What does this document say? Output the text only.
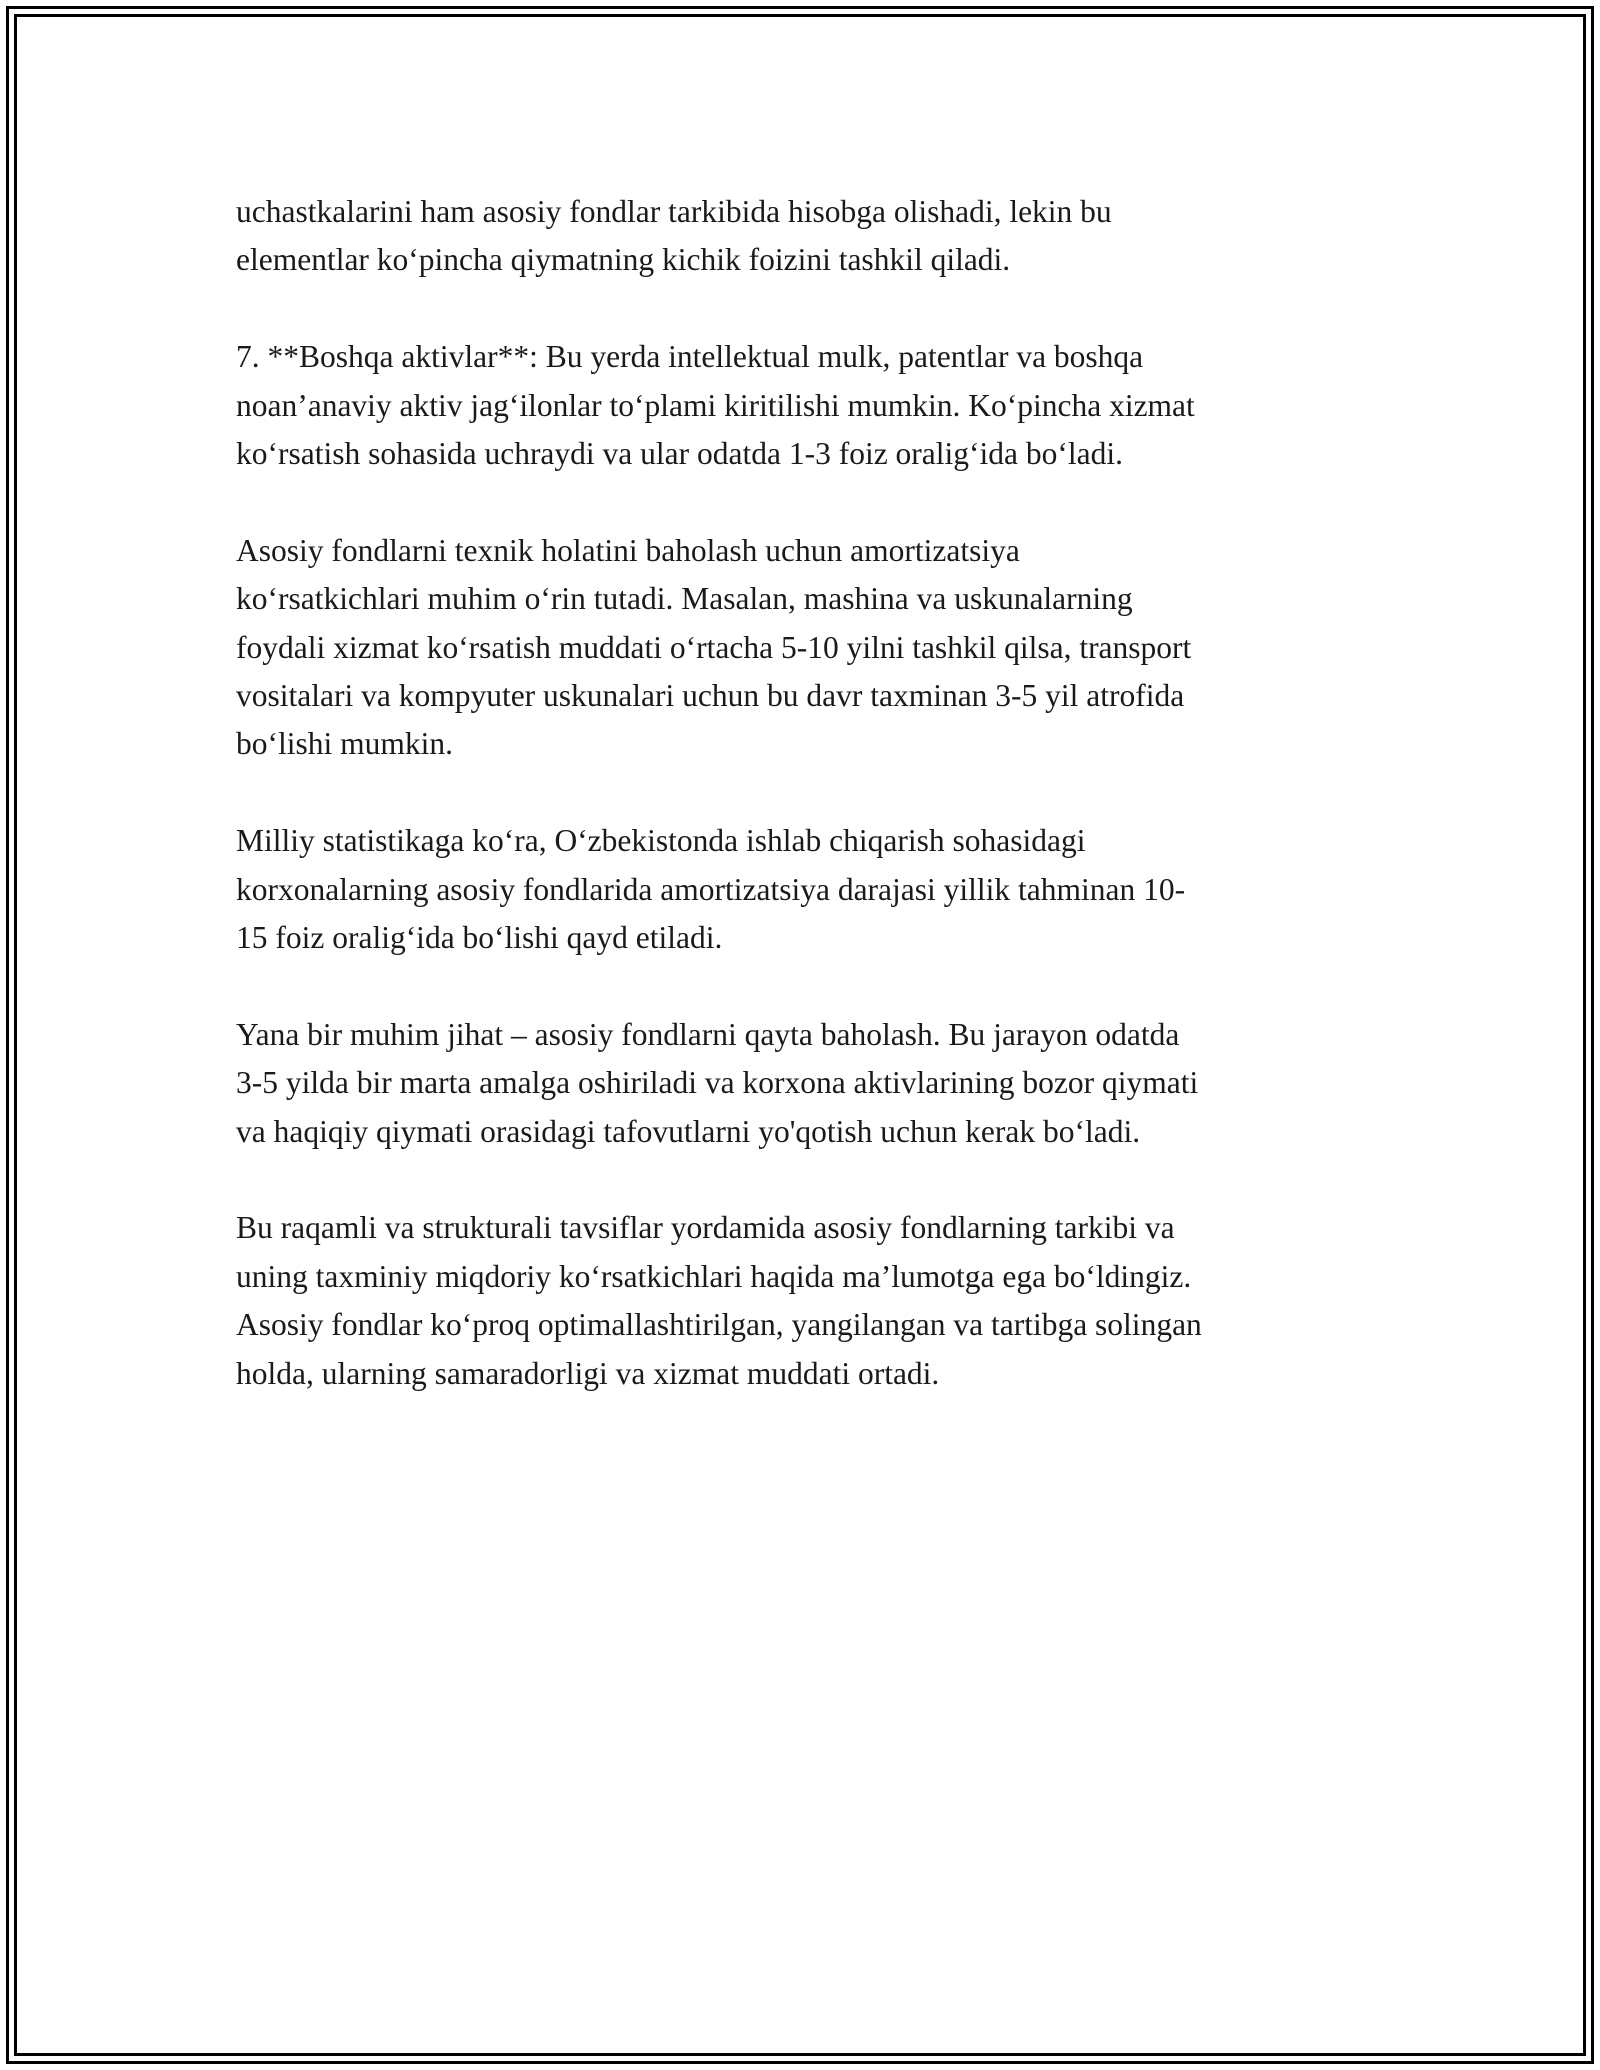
uchastkalarini ham asosiy fondlar tarkibida hisobga olishadi, lekin bu
elementlar ko‘pincha qiymatning kichik foizini tashkil qiladi.

7. **Boshqa aktivlar**: Bu yerda intellektual mulk, patentlar va boshqa
noan’anaviy aktiv jag‘ilonlar to‘plami kiritilishi mumkin. Ko‘pincha xizmat
ko‘rsatish sohasida uchraydi va ular odatda 1-3 foiz oralig‘ida bo‘ladi.

Asosiy fondlarni texnik holatini baholash uchun amortizatsiya
ko‘rsatkichlari muhim o‘rin tutadi. Masalan, mashina va uskunalarning
foydali xizmat ko‘rsatish muddati o‘rtacha 5-10 yilni tashkil qilsa, transport
vositalari va kompyuter uskunalari uchun bu davr taxminan 3-5 yil atrofida
bo‘lishi mumkin.

Milliy statistikaga ko‘ra, O‘zbekistonda ishlab chiqarish sohasidagi
korxonalarning asosiy fondlarida amortizatsiya darajasi yillik tahminan 10-
15 foiz oralig‘ida bo‘lishi qayd etiladi.

Yana bir muhim jihat – asosiy fondlarni qayta baholash. Bu jarayon odatda
3-5 yilda bir marta amalga oshiriladi va korxona aktivlarining bozor qiymati
va haqiqiy qiymati orasidagi tafovutlarni yo'qotish uchun kerak bo‘ladi.

Bu raqamli va strukturali tavsiflar yordamida asosiy fondlarning tarkibi va
uning taxminiy miqdoriy ko‘rsatkichlari haqida ma’lumotga ega bo‘ldingiz.
Asosiy fondlar ko‘proq optimallashtirilgan, yangilangan va tartibga solingan
holda, ularning samaradorligi va xizmat muddati ortadi.
